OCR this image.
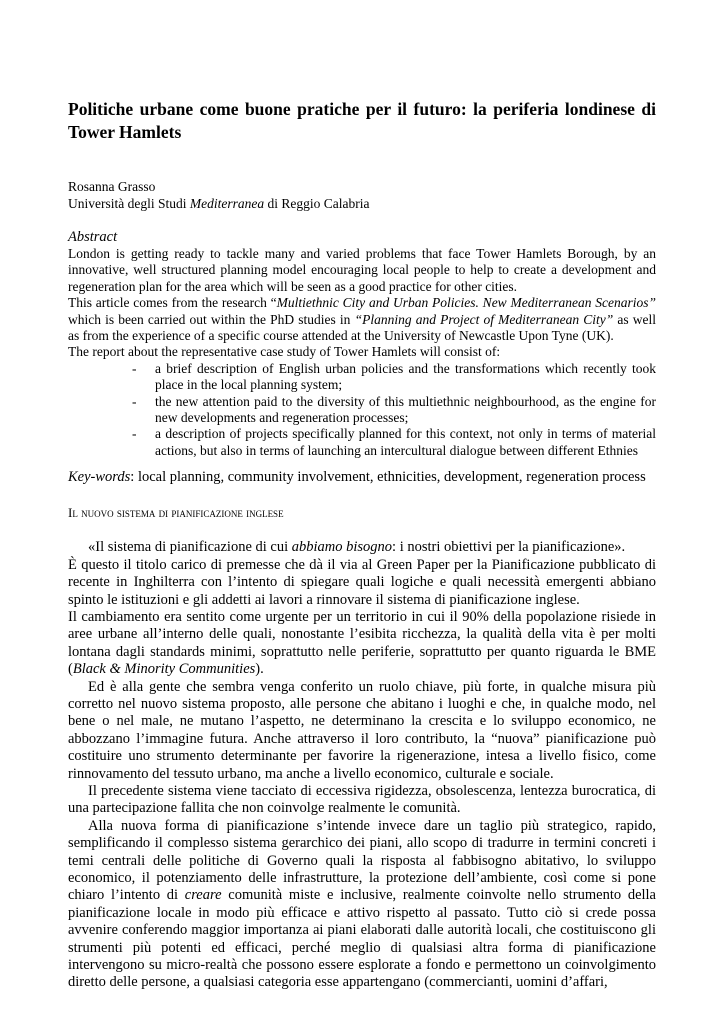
Politiche urbane come buone pratiche per il futuro: la periferia londinese di Tower Hamlets
Rosanna Grasso
Università degli Studi Mediterranea di Reggio Calabria
Abstract

London is getting ready to tackle many and varied problems that face Tower Hamlets Borough, by an innovative, well structured planning model encouraging local people to help to create a development and regeneration plan for the area which will be seen as a good practice for other cities.

This article comes from the research “Multiethnic City and Urban Policies. New Mediterranean Scenarios” which is been carried out within the PhD studies in “Planning and Project of Mediterranean City” as well as from the experience of a specific course attended at the University of Newcastle Upon Tyne (UK).

The report about the representative case study of Tower Hamlets will consist of:

- a brief description of English urban policies and the transformations which recently took place in the local planning system;
- the new attention paid to the diversity of this multiethnic neighbourhood, as the engine for new developments and regeneration processes;
- a description of projects specifically planned for this context, not only in terms of material actions, but also in terms of launching an intercultural dialogue between different Ethnies
Key-words: local planning, community involvement, ethnicities, development, regeneration process
Il nuovo sistema di pianificazione inglese

«Il sistema di pianificazione di cui abbiamo bisogno: i nostri obiettivi per la pianificazione».

È questo il titolo carico di premesse che dà il via al Green Paper per la Pianificazione pubblicato di recente in Inghilterra con l’intento di spiegare quali logiche e quali necessità emergenti abbiano spinto le istituzioni e gli addetti ai lavori a rinnovare il sistema di pianificazione inglese.

Il cambiamento era sentito come urgente per un territorio in cui il 90% della popolazione risiede in aree urbane all’interno delle quali, nonostante l’esibita ricchezza, la qualità della vita è per molti lontana dagli standards minimi, soprattutto nelle periferie, soprattutto per quanto riguarda le BME (Black & Minority Communities).

Ed è alla gente che sembra venga conferito un ruolo chiave, più forte, in qualche misura più corretto nel nuovo sistema proposto, alle persone che abitano i luoghi e che, in qualche modo, nel bene o nel male, ne mutano l’aspetto, ne determinano la crescita e lo sviluppo economico, ne abbozzano l’immagine futura. Anche attraverso il loro contributo, la “nuova” pianificazione può costituire uno strumento determinante per favorire la rigenerazione, intesa a livello fisico, come rinnovamento del tessuto urbano, ma anche a livello economico, culturale e sociale.

Il precedente sistema viene tacciato di eccessiva rigidezza, obsolescenza, lentezza burocratica, di una partecipazione fallita che non coinvolge realmente le comunità.

Alla nuova forma di pianificazione s’intende invece dare un taglio più strategico, rapido, semplificando il complesso sistema gerarchico dei piani, allo scopo di tradurre in termini concreti i temi centrali delle politiche di Governo quali la risposta al fabbisogno abitativo, lo sviluppo economico, il potenziamento delle infrastrutture, la protezione dell’ambiente, così come si pone chiaro l’intento di creare comunità miste e inclusive, realmente coinvolte nello strumento della pianificazione locale in modo più efficace e attivo rispetto al passato. Tutto ciò si crede possa avvenire conferendo maggior importanza ai piani elaborati dalle autorità locali, che costituiscono gli strumenti più potenti ed efficaci, perché meglio di qualsiasi altra forma di pianificazione intervengono su micro-realtà che possono essere esplorate a fondo e permettono un coinvolgimento diretto delle persone, a qualsiasi categoria esse appartengano (commercianti, uomini d’affari,
